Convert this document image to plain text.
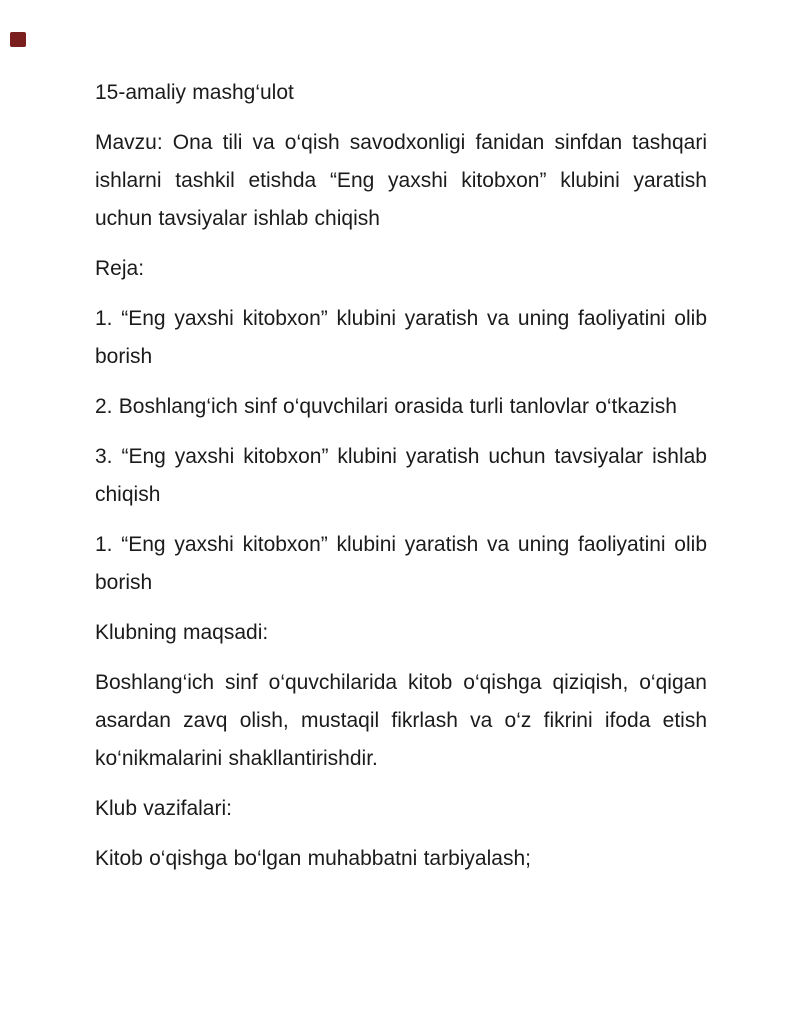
15-amaliy mashg‘ulot
Mavzu: Ona tili va o‘qish savodxonligi fanidan sinfdan tashqari ishlarni tashkil etishda “Eng yaxshi kitobxon” klubini yaratish uchun tavsiyalar ishlab chiqish
Reja:
1. “Eng yaxshi kitobxon” klubini yaratish va uning faoliyatini olib borish
2. Boshlang‘ich sinf o‘quvchilari orasida turli tanlovlar o‘tkazish
3. “Eng yaxshi kitobxon” klubini yaratish uchun tavsiyalar ishlab chiqish
1. “Eng yaxshi kitobxon” klubini yaratish va uning faoliyatini olib borish
Klubning maqsadi:
Boshlang‘ich sinf o‘quvchilarida kitob o‘qishga qiziqish, o‘qigan asardan zavq olish, mustaqil fikrlash va o‘z fikrini ifoda etish ko‘nikmalarini shakllantirishdir.
Klub vazifalari:
Kitob o‘qishga bo‘lgan muhabbatni tarbiyalash;
